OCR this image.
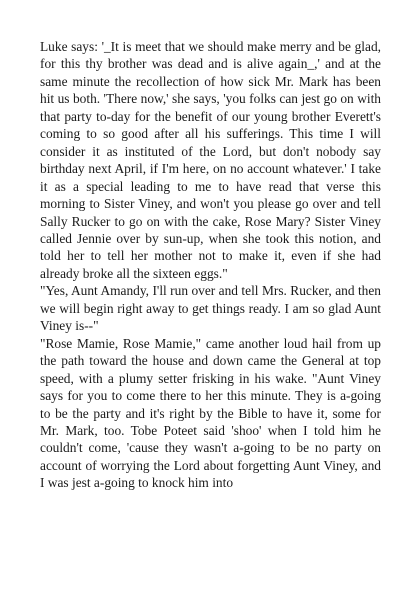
Luke says: '_It is meet that we should make merry and be glad, for this thy brother was dead and is alive again_,' and at the same minute the recollection of how sick Mr. Mark has been hit us both. 'There now,' she says, 'you folks can jest go on with that party to-day for the benefit of our young brother Everett's coming to so good after all his sufferings. This time I will consider it as instituted of the Lord, but don't nobody say birthday next April, if I'm here, on no account whatever.' I take it as a special leading to me to have read that verse this morning to Sister Viney, and won't you please go over and tell Sally Rucker to go on with the cake, Rose Mary? Sister Viney called Jennie over by sun-up, when she took this notion, and told her to tell her mother not to make it, even if she had already broke all the sixteen eggs."

"Yes, Aunt Amandy, I'll run over and tell Mrs. Rucker, and then we will begin right away to get things ready. I am so glad Aunt Viney is--"

"Rose Mamie, Rose Mamie," came another loud hail from up the path toward the house and down came the General at top speed, with a plumy setter frisking in his wake. "Aunt Viney says for you to come there to her this minute. They is a-going to be the party and it's right by the Bible to have it, some for Mr. Mark, too. Tobe Poteet said 'shoo' when I told him he couldn't come, 'cause they wasn't a-going to be no party on account of worrying the Lord about forgetting Aunt Viney, and I was jest a-going to knock him into
